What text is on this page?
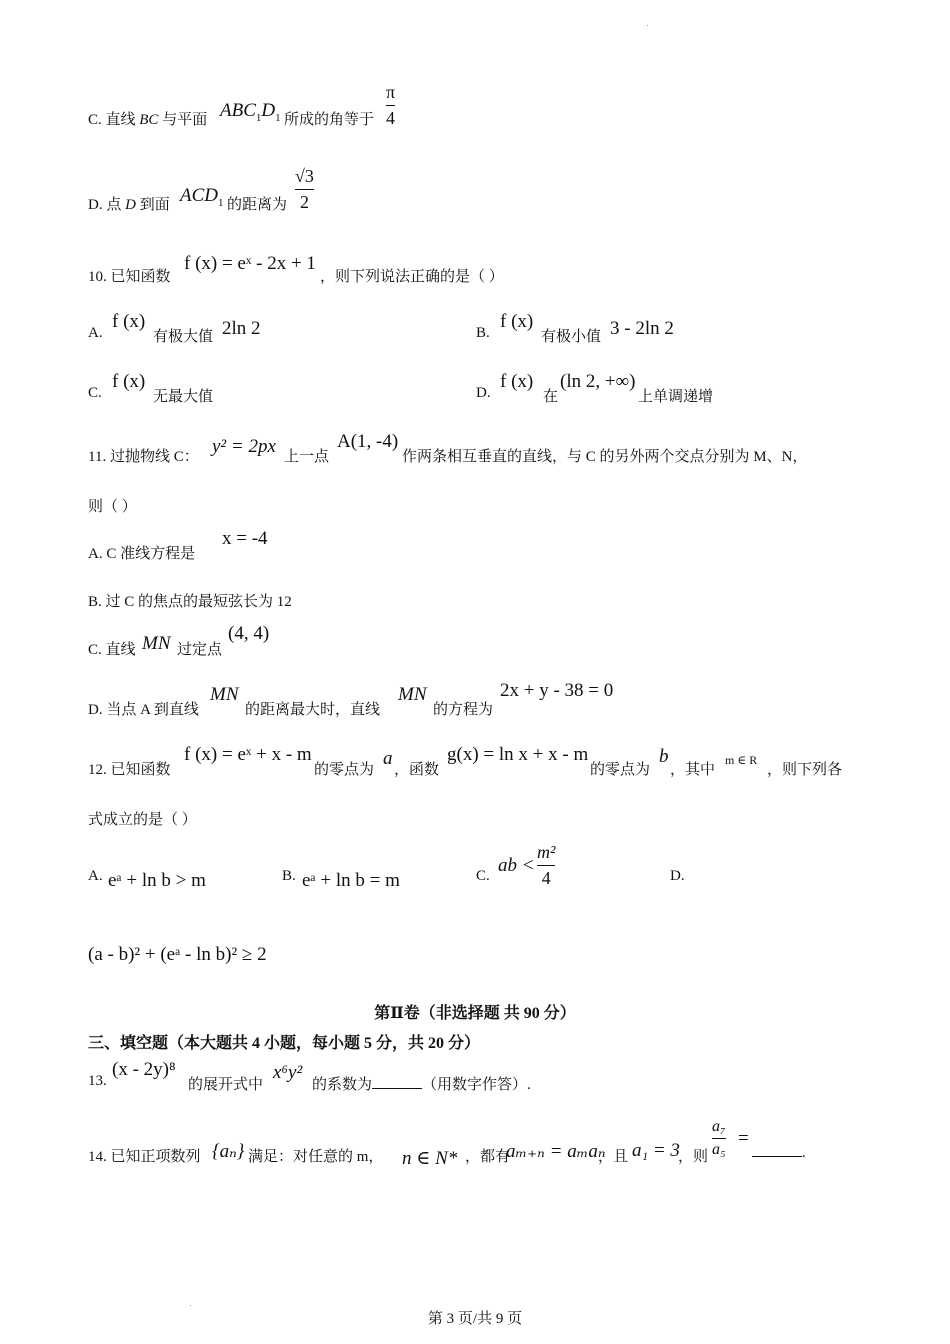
C. 直线 BC 与平面 $ABC_1D_1$ 所成的角等于
π
4
D. 点 D 到面 $ACD_1$ 的距离为
√3
2
10. 已知函数
f (x) = eˣ - 2x + 1
，则下列说法正确的是（ ）
A.
f (x)
有极大值 2ln 2	B.
f (x)
有极小值 3 - 2ln 2
C.
f (x)
无最大值	D.
f (x)
在
(ln 2, +∞)
上单调递增
11. 过抛物线 C： y² = 2px 上一点
A(1, -4)
作两条相互垂直的直线，与 C 的另外两个交点分别为 M、N，
则（ ）
A. C 准线方程是
x = -4
B. 过 C 的焦点的最短弦长为 12
C. 直线 MN 过定点
(4, 4)
D. 当点 A 到直线
MN
的距离最大时，直线
MN
的方程为
2x + y - 38 = 0
12. 已知函数
f (x) = eˣ + x - m
的零点为
a
，函数
g(x) = ln x + x - m
的零点为
b
，其中
m ∈ R
，则下列各
式成立的是（ ）
A. eᵃ + ln b > m	B. eᵃ + ln b = m	C. ab <
m²
4	D.
(a - b)² + (eᵃ - ln b)² ≥ 2
第Ⅱ卷（非选择题 共 90 分）
三、填空题（本大题共 4 小题，每小题 5 分，共 20 分）
13.
(x - 2y)⁸
的展开式中
x⁶y²
的系数为	（用数字作答）.
14. 已知正项数列 {aₙ} 满足：对任意的 m， n ∈ N* ，都有
aₘ₊ₙ = aₘaₙ
，且 a₁ = 3
，则
a₇
a₅
=
.
第 3 页/共 9 页
